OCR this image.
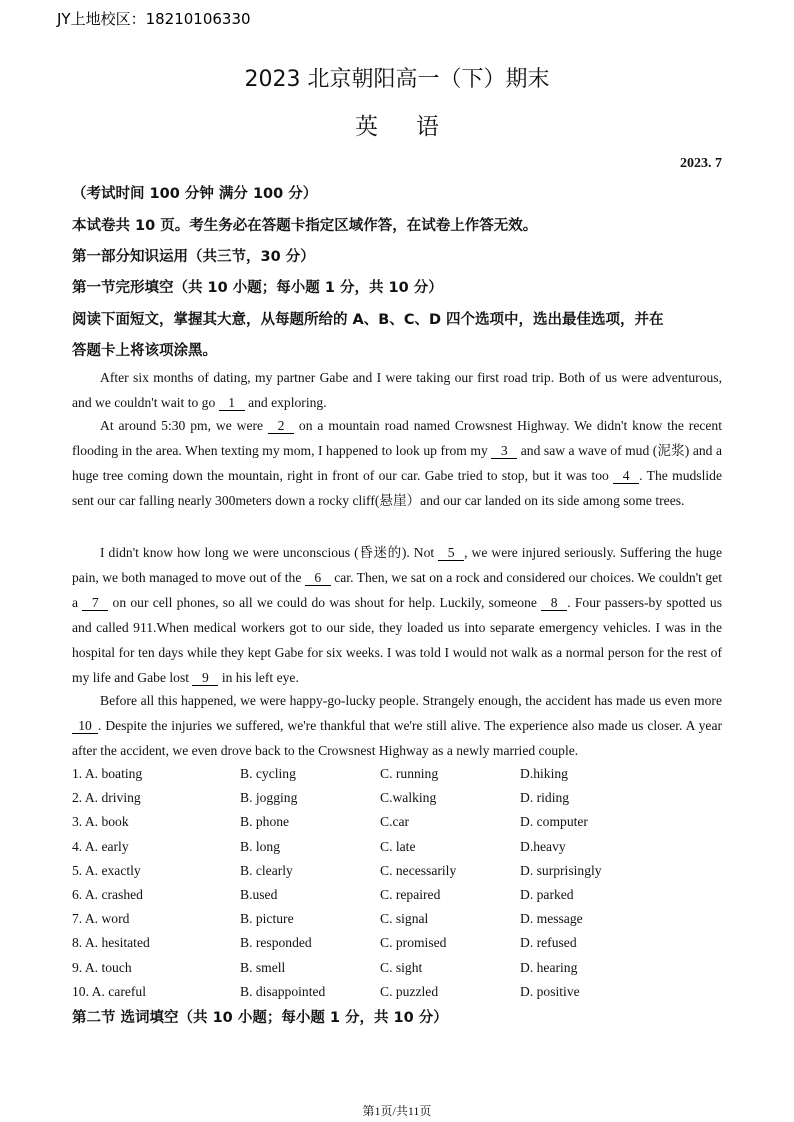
JY上地校区：18210106330
2023 北京朝阳高一（下）期末
英语
2023. 7
（考试时间 100 分钟 满分 100 分）
本试卷共 10 页。考生务必在答题卡指定区域作答，在试卷上作答无效。
第一部分知识运用（共三节，30 分）
第一节完形填空（共 10 小题；每小题 1 分，共 10 分）
阅读下面短文，掌握其大意，从每题所给的 A、B、C、D 四个选项中，选出最佳选项，并在
答题卡上将该项涂黑。

After six months of dating, my partner Gabe and I were taking our first road trip. Both of us were adventurous, and we couldn't wait to go 1 and exploring.

At around 5:30 pm, we were 2 on a mountain road named Crowsnest Highway. We didn't know the recent flooding in the area. When texting my mom, I happened to look up from my 3 and saw a wave of mud (泥浆) and a huge tree coming down the mountain, right in front of our car. Gabe tried to stop, but it was too 4 . The mudslide sent our car falling nearly 300meters down a rocky cliff(悬崖）and our car landed on its side among some trees.

I didn't know how long we were unconscious (昏迷的). Not 5 , we were injured seriously. Suffering the huge pain, we both managed to move out of the 6 car. Then, we sat on a rock and considered our choices. We couldn't get a 7 on our cell phones, so all we could do was shout for help. Luckily, someone 8 . Four passers-by spotted us and called 911.When medical workers got to our side, they loaded us into separate emergency vehicles. I was in the hospital for ten days while they kept Gabe for six weeks. I was told I would not walk as a normal person for the rest of my life and Gabe lost 9 in his left eye.

Before all this happened, we were happy-go-lucky people. Strangely enough, the accident has made us even more 10 . Despite the injuries we suffered, we're thankful that we're still alive. The experience also made us closer. A year after the accident, we even drove back to the Crowsnest Highway as a newly married couple.

1. A. boating	B. cycling	C. running	D.hiking
2. A. driving	B. jogging	C.walking	D. riding
3. A. book	B. phone	C.car	D. computer
4. A. early	B. long	C. late	D.heavy
5. A. exactly	B. clearly	C. necessarily	D. surprisingly
6. A. crashed	B.used	C. repaired	D. parked
7. A. word	B. picture	C. signal	D. message
8. A. hesitated	B. responded	C. promised	D. refused
9. A. touch	B. smell	C. sight	D. hearing
10. A. careful	B. disappointed	C. puzzled	D. positive
第二节 选词填空（共 10 小题；每小题 1 分，共 10 分）
第1页/共11页
